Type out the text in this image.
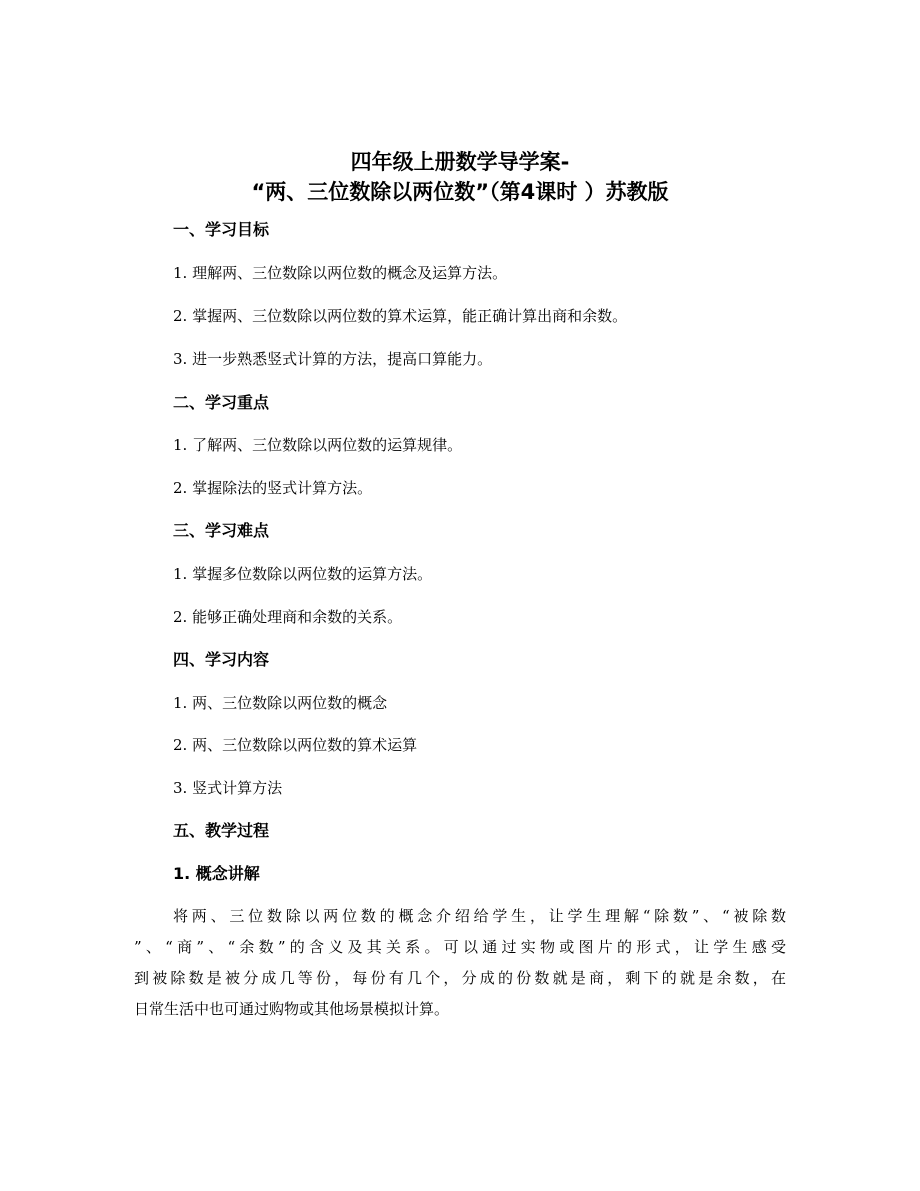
四年级上册数学导学案-
“两、三位数除以两位数”（第4课时 ）苏教版
一、学习目标
1. 理解两、三位数除以两位数的概念及运算方法。
2. 掌握两、三位数除以两位数的算术运算，能正确计算出商和余数。
3. 进一步熟悉竖式计算的方法，提高口算能力。
二、学习重点
1. 了解两、三位数除以两位数的运算规律。
2. 掌握除法的竖式计算方法。
三、学习难点
1. 掌握多位数除以两位数的运算方法。
2. 能够正确处理商和余数的关系。
四、学习内容
1. 两、三位数除以两位数的概念
2. 两、三位数除以两位数的算术运算
3. 竖式计算方法
五、教学过程
1. 概念讲解
将两、三位数除以两位数的概念介绍给学生，让学生理解“除数”、“被除数
”、“商”、“余数”的含义及其关系。可以通过实物或图片的形式，让学生感受
到被除数是被分成几等份，每份有几个，分成的份数就是商，剩下的就是余数，在
日常生活中也可通过购物或其他场景模拟计算。
